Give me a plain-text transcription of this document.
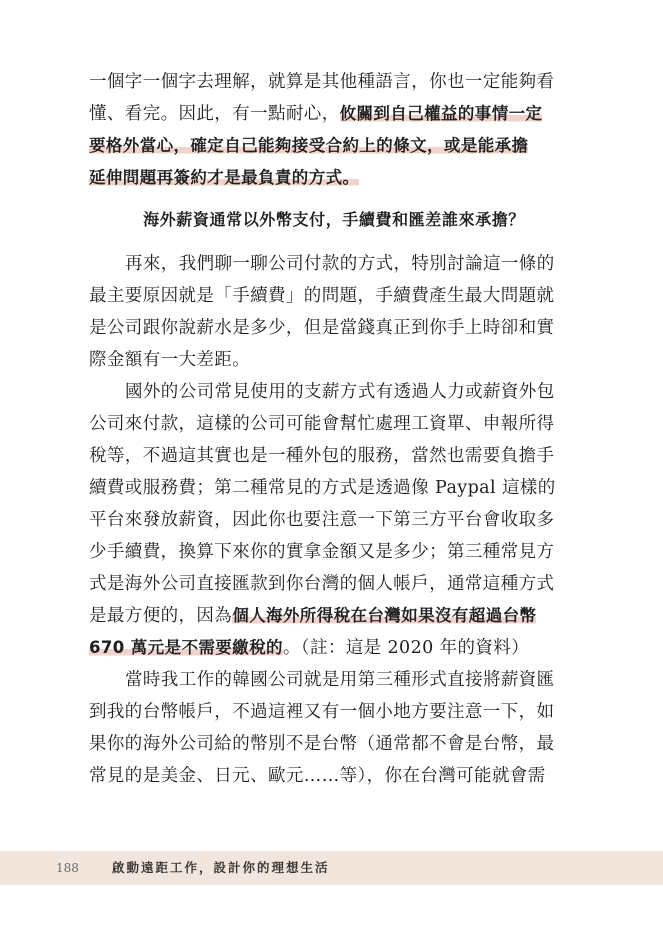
一個字一個字去理解，就算是其他種語言，你也一定能夠看
懂、看完。因此，有一點耐心，攸關到自己權益的事情一定
要格外當心，確定自己能夠接受合約上的條文，或是能承擔
延伸問題再簽約才是最負責的方式。
海外薪資通常以外幣支付，手續費和匯差誰來承擔？
再來，我們聊一聊公司付款的方式，特別討論這一條的
最主要原因就是「手續費」的問題，手續費產生最大問題就
是公司跟你說薪水是多少，但是當錢真正到你手上時卻和實
際金額有一大差距。
國外的公司常見使用的支薪方式有透過人力或薪資外包
公司來付款，這樣的公司可能會幫忙處理工資單、申報所得
稅等，不過這其實也是一種外包的服務，當然也需要負擔手
續費或服務費；第二種常見的方式是透過像 Paypal 這樣的
平台來發放薪資，因此你也要注意一下第三方平台會收取多
少手續費，換算下來你的實拿金額又是多少；第三種常見方
式是海外公司直接匯款到你台灣的個人帳戶，通常這種方式
是最方便的，因為個人海外所得稅在台灣如果沒有超過台幣
670 萬元是不需要繳稅的。（註：這是 2020 年的資料）
當時我工作的韓國公司就是用第三種形式直接將薪資匯
到我的台幣帳戶，不過這裡又有一個小地方要注意一下，如
果你的海外公司給的幣別不是台幣（通常都不會是台幣，最
常見的是美金、日元、歐元……等），你在台灣可能就會需
188	啟動遠距工作，設計你的理想生活
